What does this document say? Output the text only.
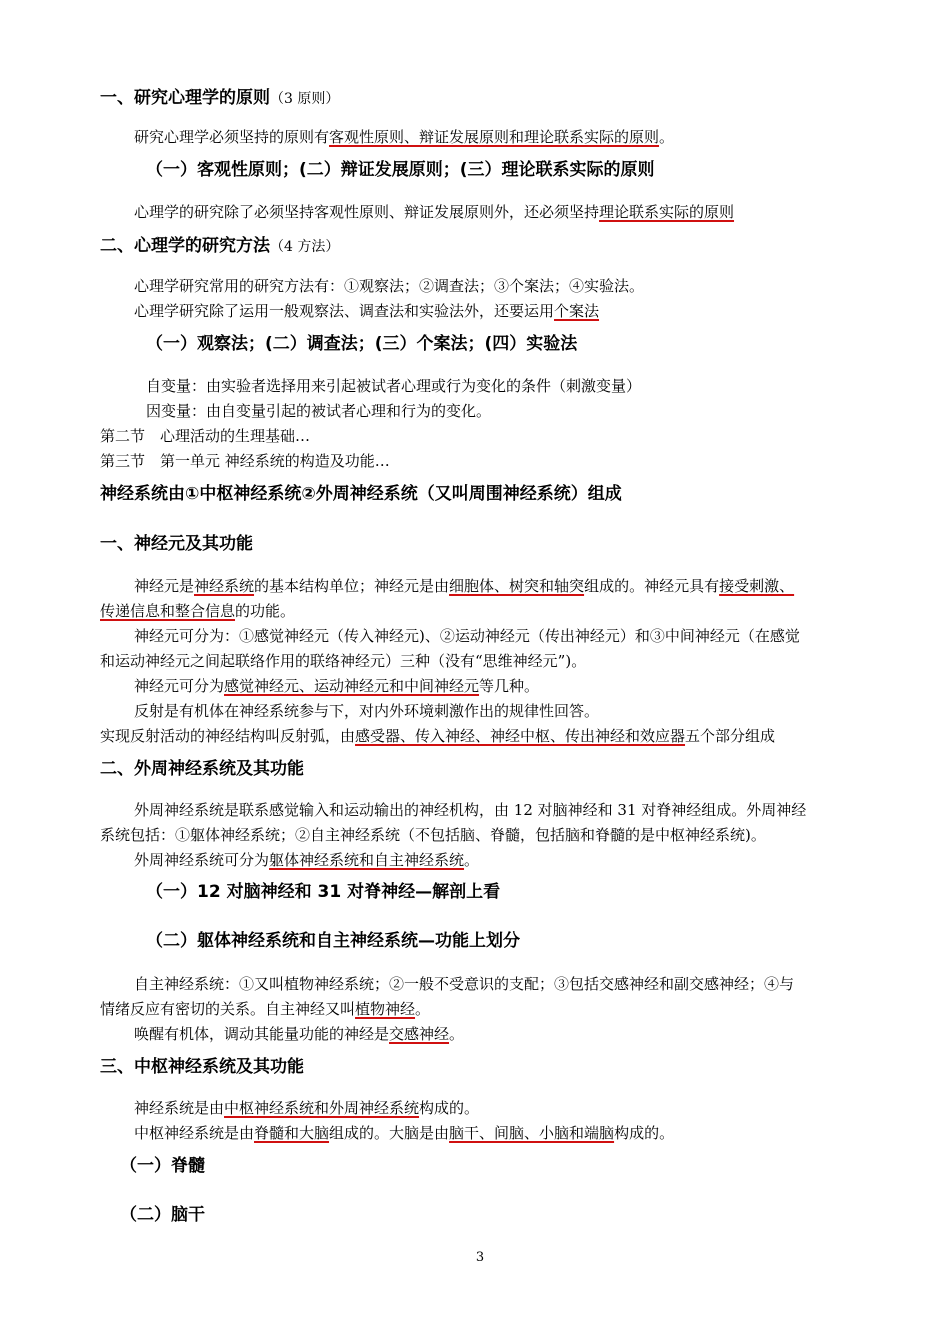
一、研究心理学的原则（3 原则）
研究心理学必须坚持的原则有客观性原则、辩证发展原则和理论联系实际的原则。
（一）客观性原则；(二）辩证发展原则；(三）理论联系实际的原则
心理学的研究除了必须坚持客观性原则、辩证发展原则外，还必须坚持理论联系实际的原则
二、心理学的研究方法（4 方法）
心理学研究常用的研究方法有：①观察法；②调查法；③个案法；④实验法。
心理学研究除了运用一般观察法、调查法和实验法外，还要运用个案法
（一）观察法；(二）调查法；(三）个案法；(四）实验法
自变量：由实验者选择用来引起被试者心理或行为变化的条件（刺激变量）
因变量：由自变量引起的被试者心理和行为的变化。
第二节　心理活动的生理基础…
第三节　第一单元 神经系统的构造及功能…
神经系统由①中枢神经系统②外周神经系统（又叫周围神经系统）组成
一、神经元及其功能
神经元是神经系统的基本结构单位；神经元是由细胞体、树突和轴突组成的。神经元具有接受刺激、
传递信息和整合信息的功能。
神经元可分为：①感觉神经元（传入神经元)、②运动神经元（传出神经元）和③中间神经元（在感觉
和运动神经元之间起联络作用的联络神经元）三种（没有“思维神经元”)。
神经元可分为感觉神经元、运动神经元和中间神经元等几种。
反射是有机体在神经系统参与下，对内外环境刺激作出的规律性回答。
实现反射活动的神经结构叫反射弧，由感受器、传入神经、神经中枢、传出神经和效应器五个部分组成
二、外周神经系统及其功能
外周神经系统是联系感觉输入和运动输出的神经机构，由 12 对脑神经和 31 对脊神经组成。外周神经
系统包括：①躯体神经系统；②自主神经系统（不包括脑、脊髓，包括脑和脊髓的是中枢神经系统)。
外周神经系统可分为躯体神经系统和自主神经系统。
（一）12 对脑神经和 31 对脊神经—解剖上看
（二）躯体神经系统和自主神经系统—功能上划分
自主神经系统：①又叫植物神经系统；②一般不受意识的支配；③包括交感神经和副交感神经；④与
情绪反应有密切的关系。自主神经又叫植物神经。
唤醒有机体，调动其能量功能的神经是交感神经。
三、中枢神经系统及其功能
神经系统是由中枢神经系统和外周神经系统构成的。
中枢神经系统是由脊髓和大脑组成的。大脑是由脑干、间脑、小脑和端脑构成的。
（一）脊髓
（二）脑干
3
